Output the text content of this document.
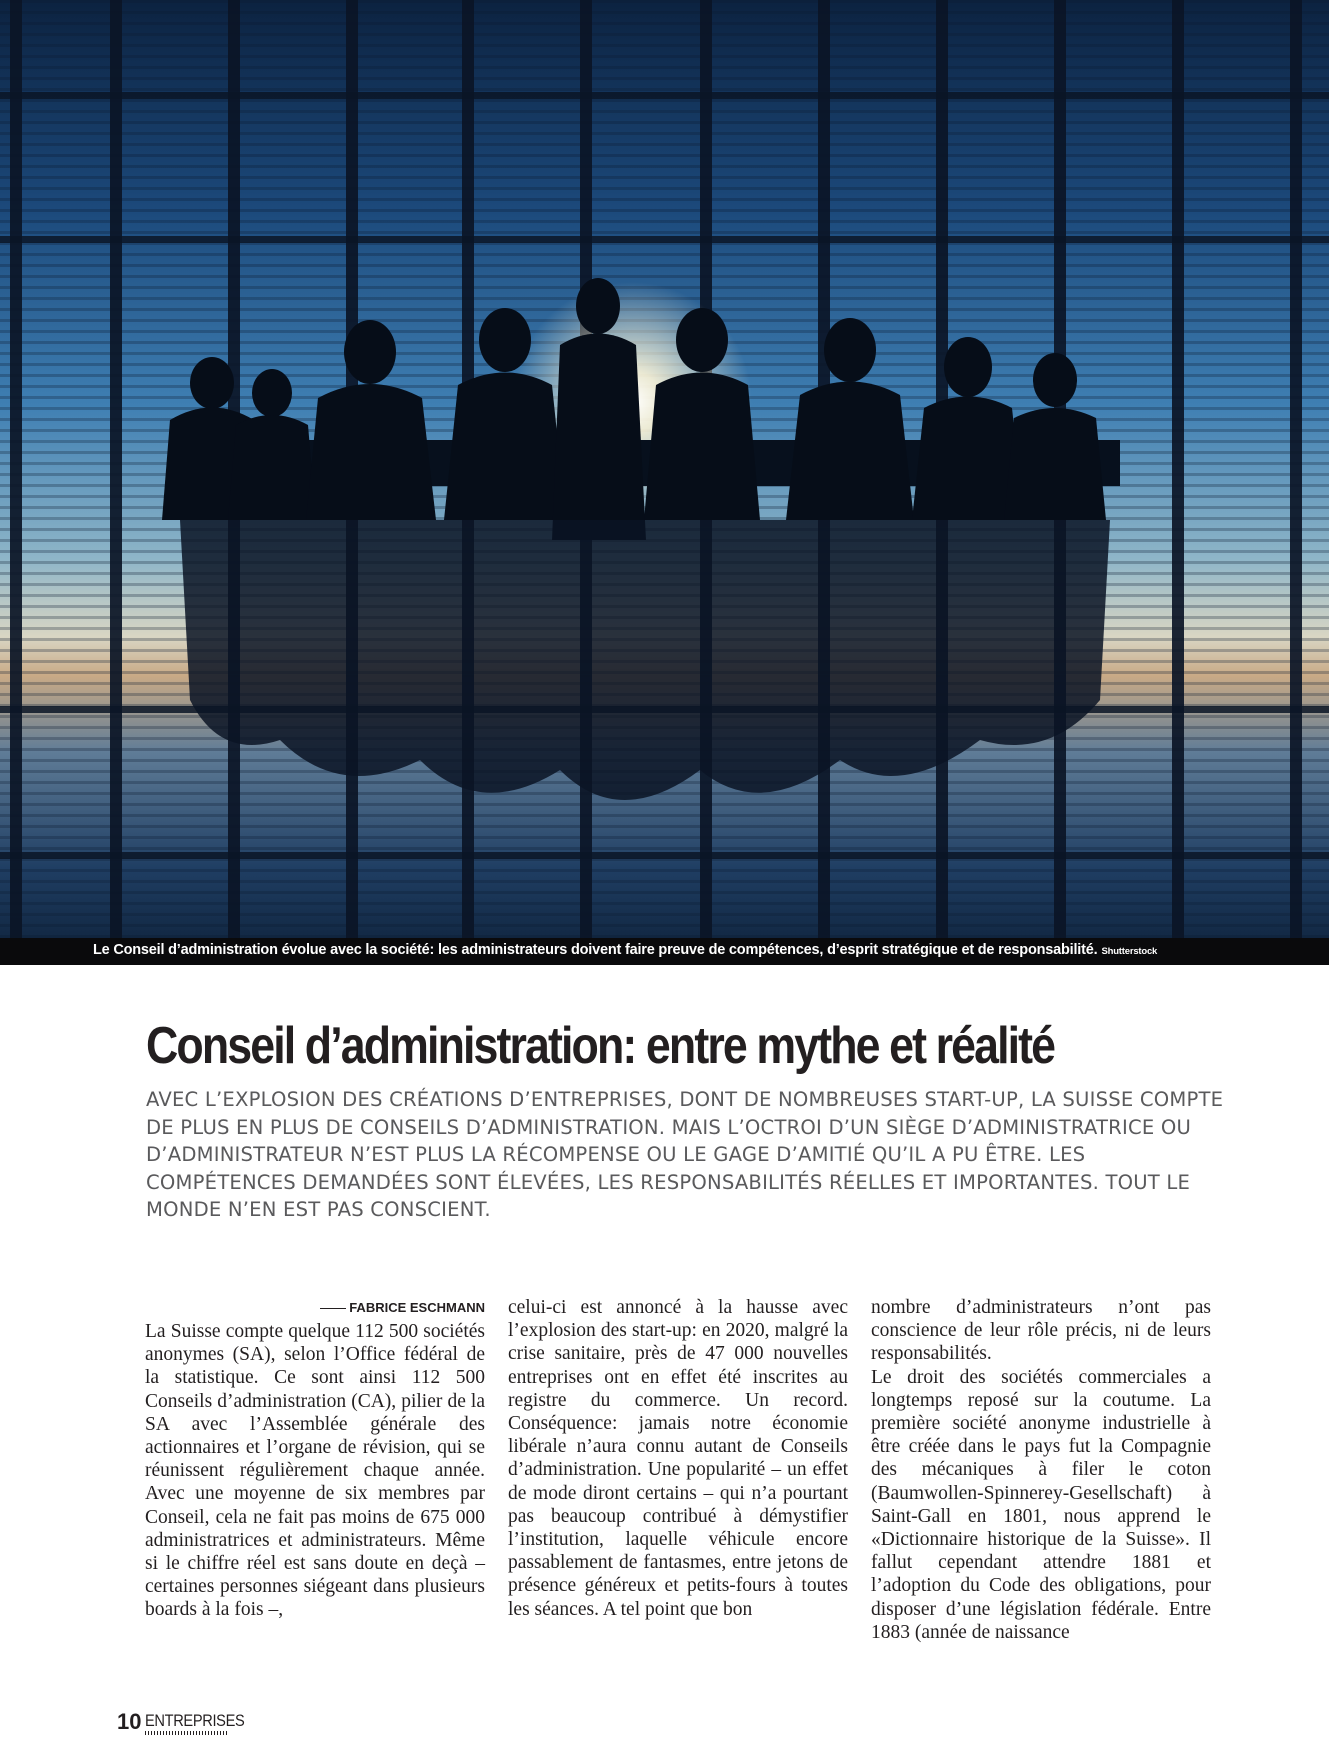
Le Conseil d’administration évolue avec la société: les administrateurs doivent faire preuve de compétences, d’esprit stratégique et de responsabilité. Shutterstock
Conseil d’administration: entre mythe et réalité
AVEC L’EXPLOSION DES CRÉATIONS D’ENTREPRISES, DONT DE NOMBREUSES START-UP, LA SUISSE COMPTE DE PLUS EN PLUS DE CONSEILS D’ADMINISTRATION. MAIS L’OCTROI D’UN SIÈGE D’ADMINISTRATRICE OU D’ADMINISTRATEUR N’EST PLUS LA RÉCOMPENSE OU LE GAGE D’AMITIÉ QU’IL A PU ÊTRE. LES COMPÉTENCES DEMANDÉES SONT ÉLEVÉES, LES RESPONSABILITÉS RÉELLES ET IMPORTANTES. TOUT LE MONDE N’EN EST PAS CONSCIENT.
FABRICE ESCHMANN

La Suisse compte quelque 112 500 sociétés anonymes (SA), selon l’Office fédéral de la statistique. Ce sont ainsi 112 500 Conseils d’administration (CA), pilier de la SA avec l’Assemblée générale des actionnaires et l’organe de révision, qui se réunissent régulièrement chaque année. Avec une moyenne de six membres par Conseil, cela ne fait pas moins de 675 000 administratrices et administrateurs. Même si le chiffre réel est sans doute en deçà – certaines personnes siégeant dans plusieurs boards à la fois –,

celui-ci est annoncé à la hausse avec l’explosion des start-up: en 2020, malgré la crise sanitaire, près de 47 000 nouvelles entreprises ont en effet été inscrites au registre du commerce. Un record. Conséquence: jamais notre économie libérale n’aura connu autant de Conseils d’administration. Une popularité – un effet de mode diront certains – qui n’a pourtant pas beaucoup contribué à démystifier l’institution, laquelle véhicule encore passablement de fantasmes, entre jetons de présence généreux et petits-fours à toutes les séances. A tel point que bon

nombre d’administrateurs n’ont pas conscience de leur rôle précis, ni de leurs responsabilités.

Le droit des sociétés commerciales a longtemps reposé sur la coutume. La première société anonyme industrielle à être créée dans le pays fut la Compagnie des mécaniques à filer le coton (Baumwollen-Spinnerey-Gesellschaft) à Saint-Gall en 1801, nous apprend le «Dictionnaire historique de la Suisse». Il fallut cependant attendre 1881 et l’adoption du Code des obligations, pour disposer d’une législation fédérale. Entre 1883 (année de naissance

10 ENTREPRISES
